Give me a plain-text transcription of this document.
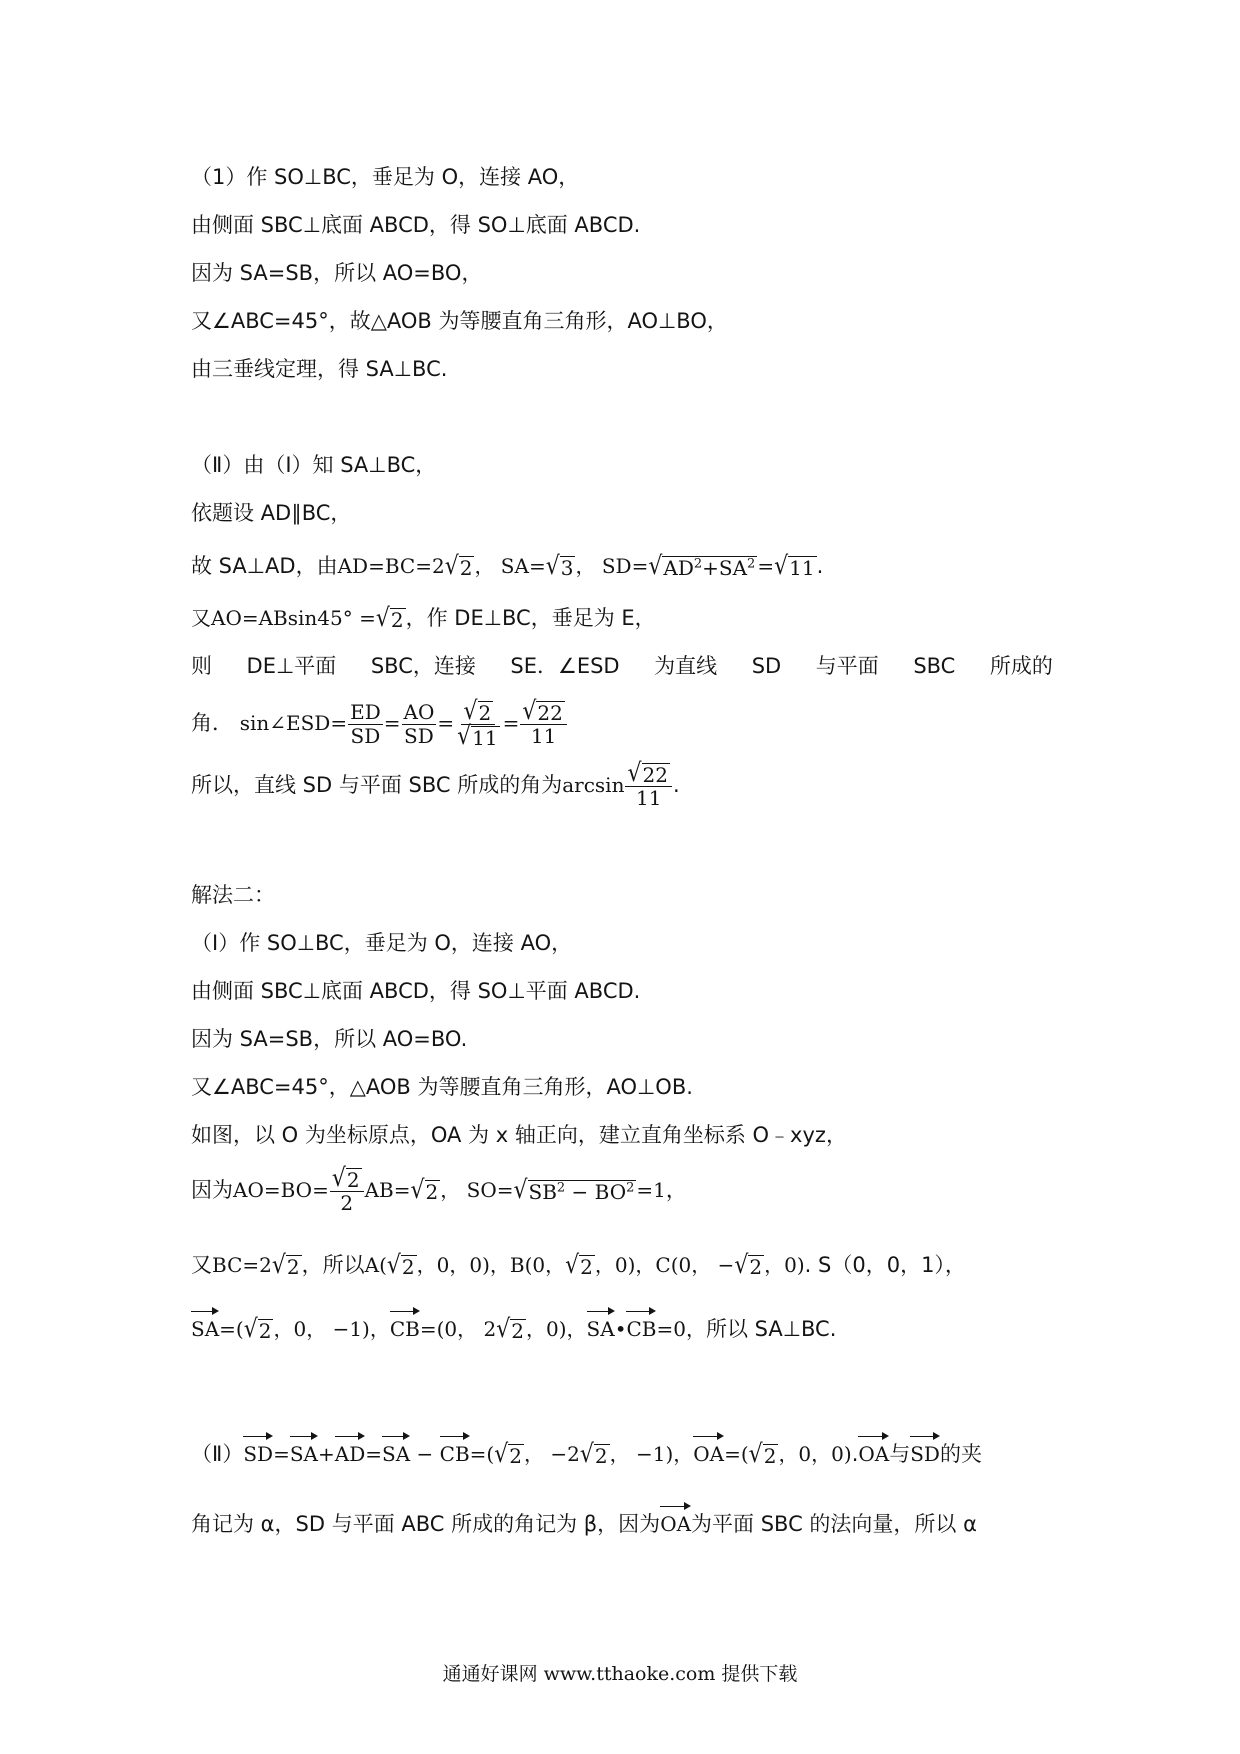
（1）作 SO⊥BC，垂足为 O，连接 AO，
由侧面 SBC⊥底面 ABCD，得 SO⊥底面 ABCD.
因为 SA=SB，所以 AO=BO，
又∠ABC=45°，故△AOB 为等腰直角三角形，AO⊥BO，
由三垂线定理，得 SA⊥BC.
（Ⅱ）由（Ⅰ）知 SA⊥BC，
依题设 AD∥BC，
故 SA⊥AD，由AD=BC=2 √ 2 ， SA= √ 3 ， SD= √ $AD^2+SA^2$ = √ 11 .
又AO=ABsin45° = √ 2 ，作 DE⊥BC，垂足为 E，
则 DE⊥平面 SBC，连接 SE．∠ESD 为直线 SD 与平面 SBC 所成的
角． sin∠ESD= $\frac{ED}{SD} = \frac{AO}{SD} = \frac{√ 2}{√ 11} = \frac{√ 22}{11}$
所以，直线 SD 与平面 SBC 所成的角为$\arcsin \frac{√ 22}{11}$ .
解法二：
（Ⅰ）作 SO⊥BC，垂足为 O，连接 AO，
由侧面 SBC⊥底面 ABCD，得 SO⊥平面 ABCD.
因为 SA=SB，所以 AO=BO.
又∠ABC=45°，△AOB 为等腰直角三角形，AO⊥OB.
如图，以 O 为坐标原点，OA 为 x 轴正向，建立直角坐标系 O﹣xyz，
因为$AO=BO= \frac{√ 2}{2} AB=$ √ 2 ， SO= √ $SB^2 - BO^2 =1$，
又BC=2 √ 2 ，所以A( √ 2 ，0，0)，B(0， √ 2 ，0)，C(0， − √ 2 ，0). S（0，0，1），
SA=( √ 2 ，0， −1)，CB=(0， 2 √ 2 ，0)，SA•CB=0，所以 SA⊥BC.
（Ⅱ）SD=SA+AD=SA − CB=( √ 2 ， −2 √ 2 ， −1)，OA=( √ 2 ，0，0).OA与SD的夹
角记为 α，SD 与平面 ABC 所成的角记为 β，因为OA为平面 SBC 的法向量，所以 α
通通好课网 www.tthaoke.com 提供下载
